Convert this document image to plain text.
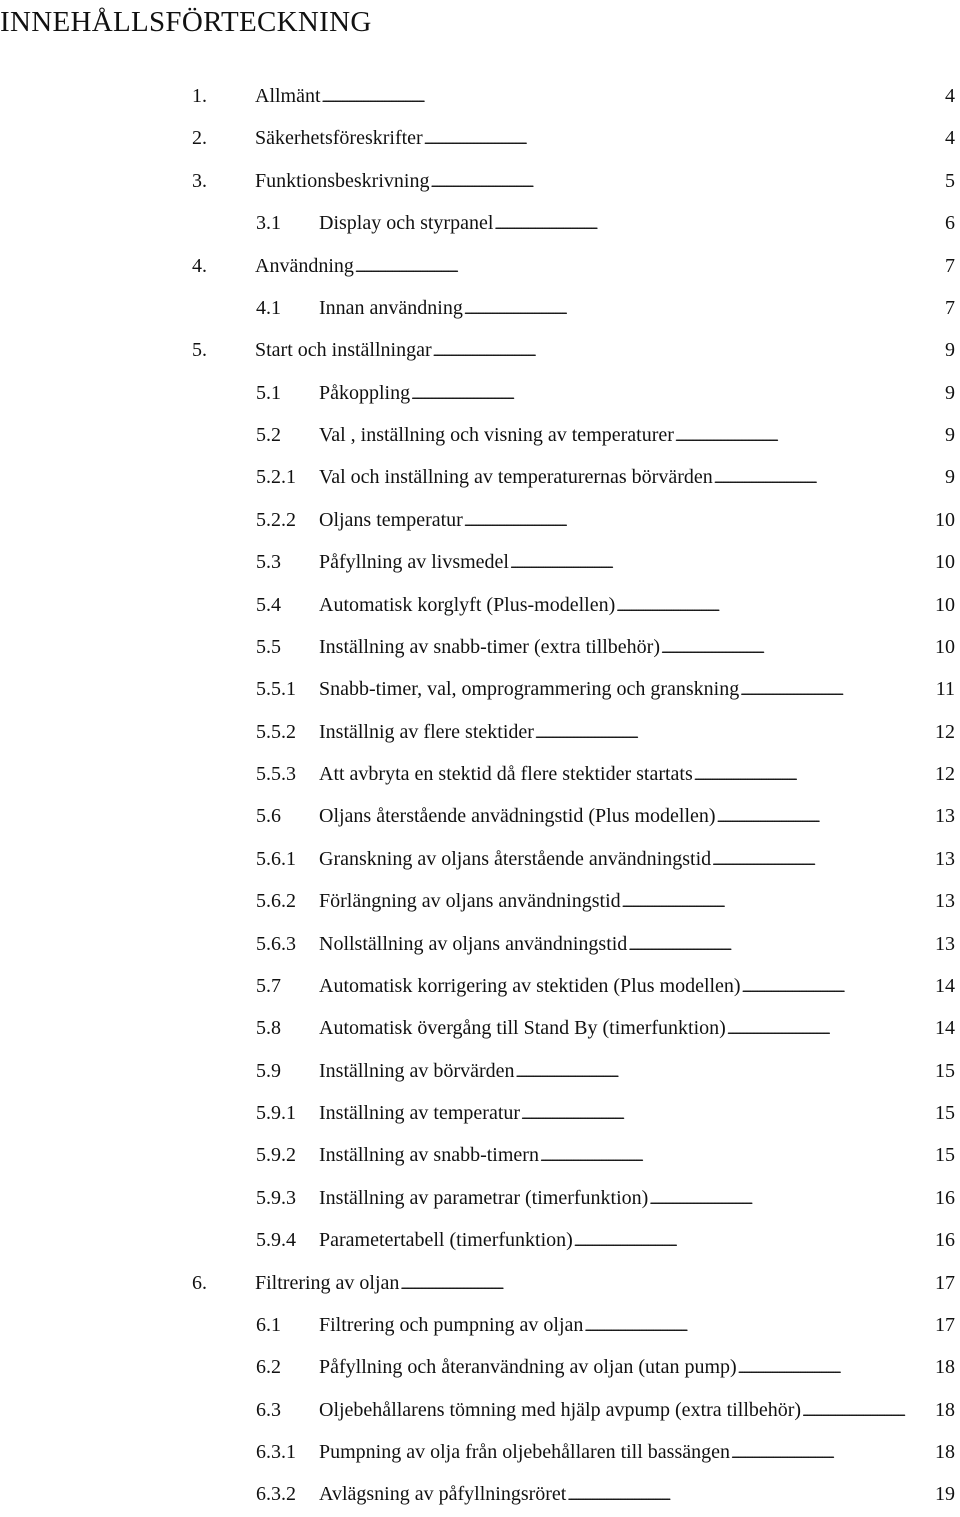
INNEHÅLLSFÖRTECKNING
1.	Allmänt . . .	4
2.	Säkerhetsföreskrifter . . .	4
3.	Funktionsbeskrivning . . .	5
3.1	Display och styrpanel . . .	6
4.	Användning . . .	7
4.1	Innan användning . . .	7
5.	Start och inställningar . . .	9
5.1	Påkoppling . . .	9
5.2	Val , inställning och visning av temperaturer . . .	9
5.2.1	Val och inställning av temperaturernas börvärden . . .	9
5.2.2	Oljans temperatur . . .	10
5.3	Påfyllning av livsmedel . . .	10
5.4	Automatisk korglyft (Plus-modellen) . . .	10
5.5	Inställning av snabb-timer (extra tillbehör) . . .	10
5.5.1	Snabb-timer, val, omprogrammering och granskning . . .	11
5.5.2	Inställnig av flere stektider . . .	12
5.5.3	Att avbryta en stektid då flere stektider startats . . .	12
5.6	Oljans återstående anvädningstid (Plus modellen) . . .	13
5.6.1	Granskning av oljans återstående användningstid . . .	13
5.6.2	Förlängning av oljans användningstid . . .	13
5.6.3	Nollställning av oljans användningstid . . .	13
5.7	Automatisk korrigering av stektiden (Plus modellen) . . .	14
5.8	Automatisk övergång till Stand By (timerfunktion) . . .	14
5.9	Inställning av börvärden . . .	15
5.9.1	Inställning av temperatur . . .	15
5.9.2	Inställning av snabb-timern . . .	15
5.9.3	Inställning av parametrar (timerfunktion) . . .	16
5.9.4	Parametertabell (timerfunktion) . . .	16
6.	Filtrering av oljan . . .	17
6.1	Filtrering och pumpning av oljan . . .	17
6.2	Påfyllning och återanvändning av oljan (utan pump) . . .	18
6.3	Oljebehållarens tömning med hjälp avpump (extra tillbehör) . . .	18
6.3.1	Pumpning av olja från oljebehållaren till bassängen . . .	18
6.3.2	Avlägsning av påfyllningsröret . . .	19
